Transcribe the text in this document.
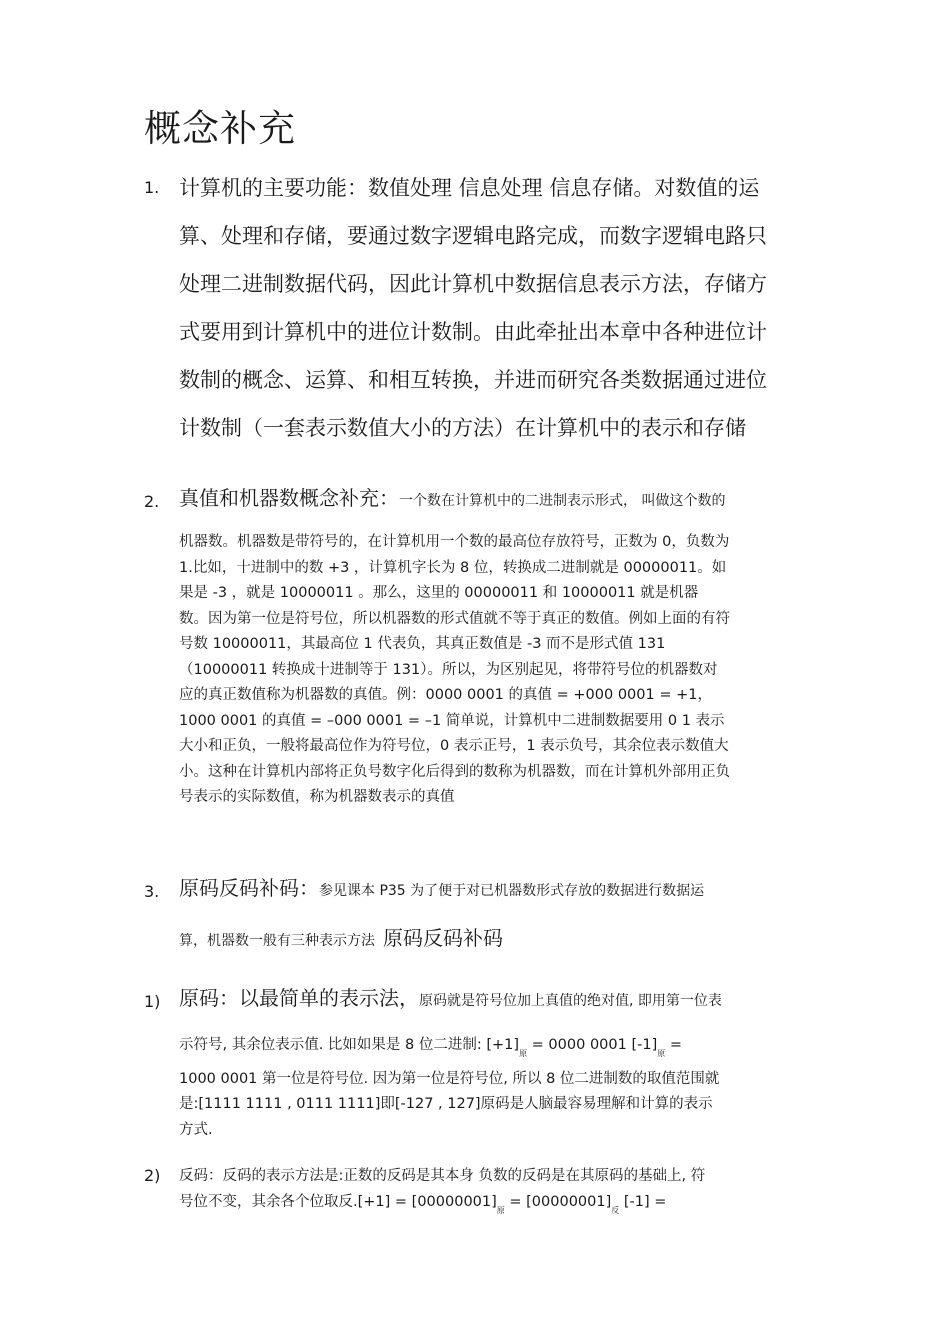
概念补充
1. 计算机的主要功能：数值处理 信息处理 信息存储。对数值的运
算、处理和存储，要通过数字逻辑电路完成，而数字逻辑电路只
处理二进制数据代码，因此计算机中数据信息表示方法，存储方
式要用到计算机中的进位计数制。由此牵扯出本章中各种进位计
数制的概念、运算、和相互转换，并进而研究各类数据通过进位
计数制（一套表示数值大小的方法）在计算机中的表示和存储
2. 真值和机器数概念补充：一个数在计算机中的二进制表示形式， 叫做这个数的
机器数。机器数是带符号的，在计算机用一个数的最高位存放符号，正数为 0，负数为
1.比如，十进制中的数 +3 ，计算机字长为 8 位，转换成二进制就是 00000011。如
果是 -3 ，就是 10000011 。那么，这里的 00000011 和 10000011 就是机器
数。因为第一位是符号位，所以机器数的形式值就不等于真正的数值。例如上面的有符
号数 10000011，其最高位 1 代表负，其真正数值是 -3 而不是形式值 131
（10000011 转换成十进制等于 131）。所以，为区别起见，将带符号位的机器数对
应的真正数值称为机器数的真值。例：0000 0001 的真值 = +000 0001 = +1，
1000 0001 的真值 = –000 0001 = –1 简单说，计算机中二进制数据要用 0 1 表示
大小和正负，一般将最高位作为符号位，0 表示正号，1 表示负号，其余位表示数值大
小。这种在计算机内部将正负号数字化后得到的数称为机器数，而在计算机外部用正负
号表示的实际数值，称为机器数表示的真值
3. 原码反码补码：参见课本 P35 为了便于对已机器数形式存放的数据进行数据运
算，机器数一般有三种表示方法 原码反码补码
1) 原码：以最简单的表示法，原码就是符号位加上真值的绝对值, 即用第一位表
示符号, 其余位表示值. 比如如果是 8 位二进制: $[+1]_原 = 0000$ 0001 $[-1]_原$ =
1000 0001 第一位是符号位. 因为第一位是符号位, 所以 8 位二进制数的取值范围就
是:[1111 1111 , 0111 1111]即[-127 , 127]原码是人脑最容易理解和计算的表示
方式.
2) 反码：反码的表示方法是:正数的反码是其本身 负数的反码是在其原码的基础上, 符
号位不变，其余各个位取反$.[+1] = [00000001]_原 = [00000001]_反$ [-1] =
